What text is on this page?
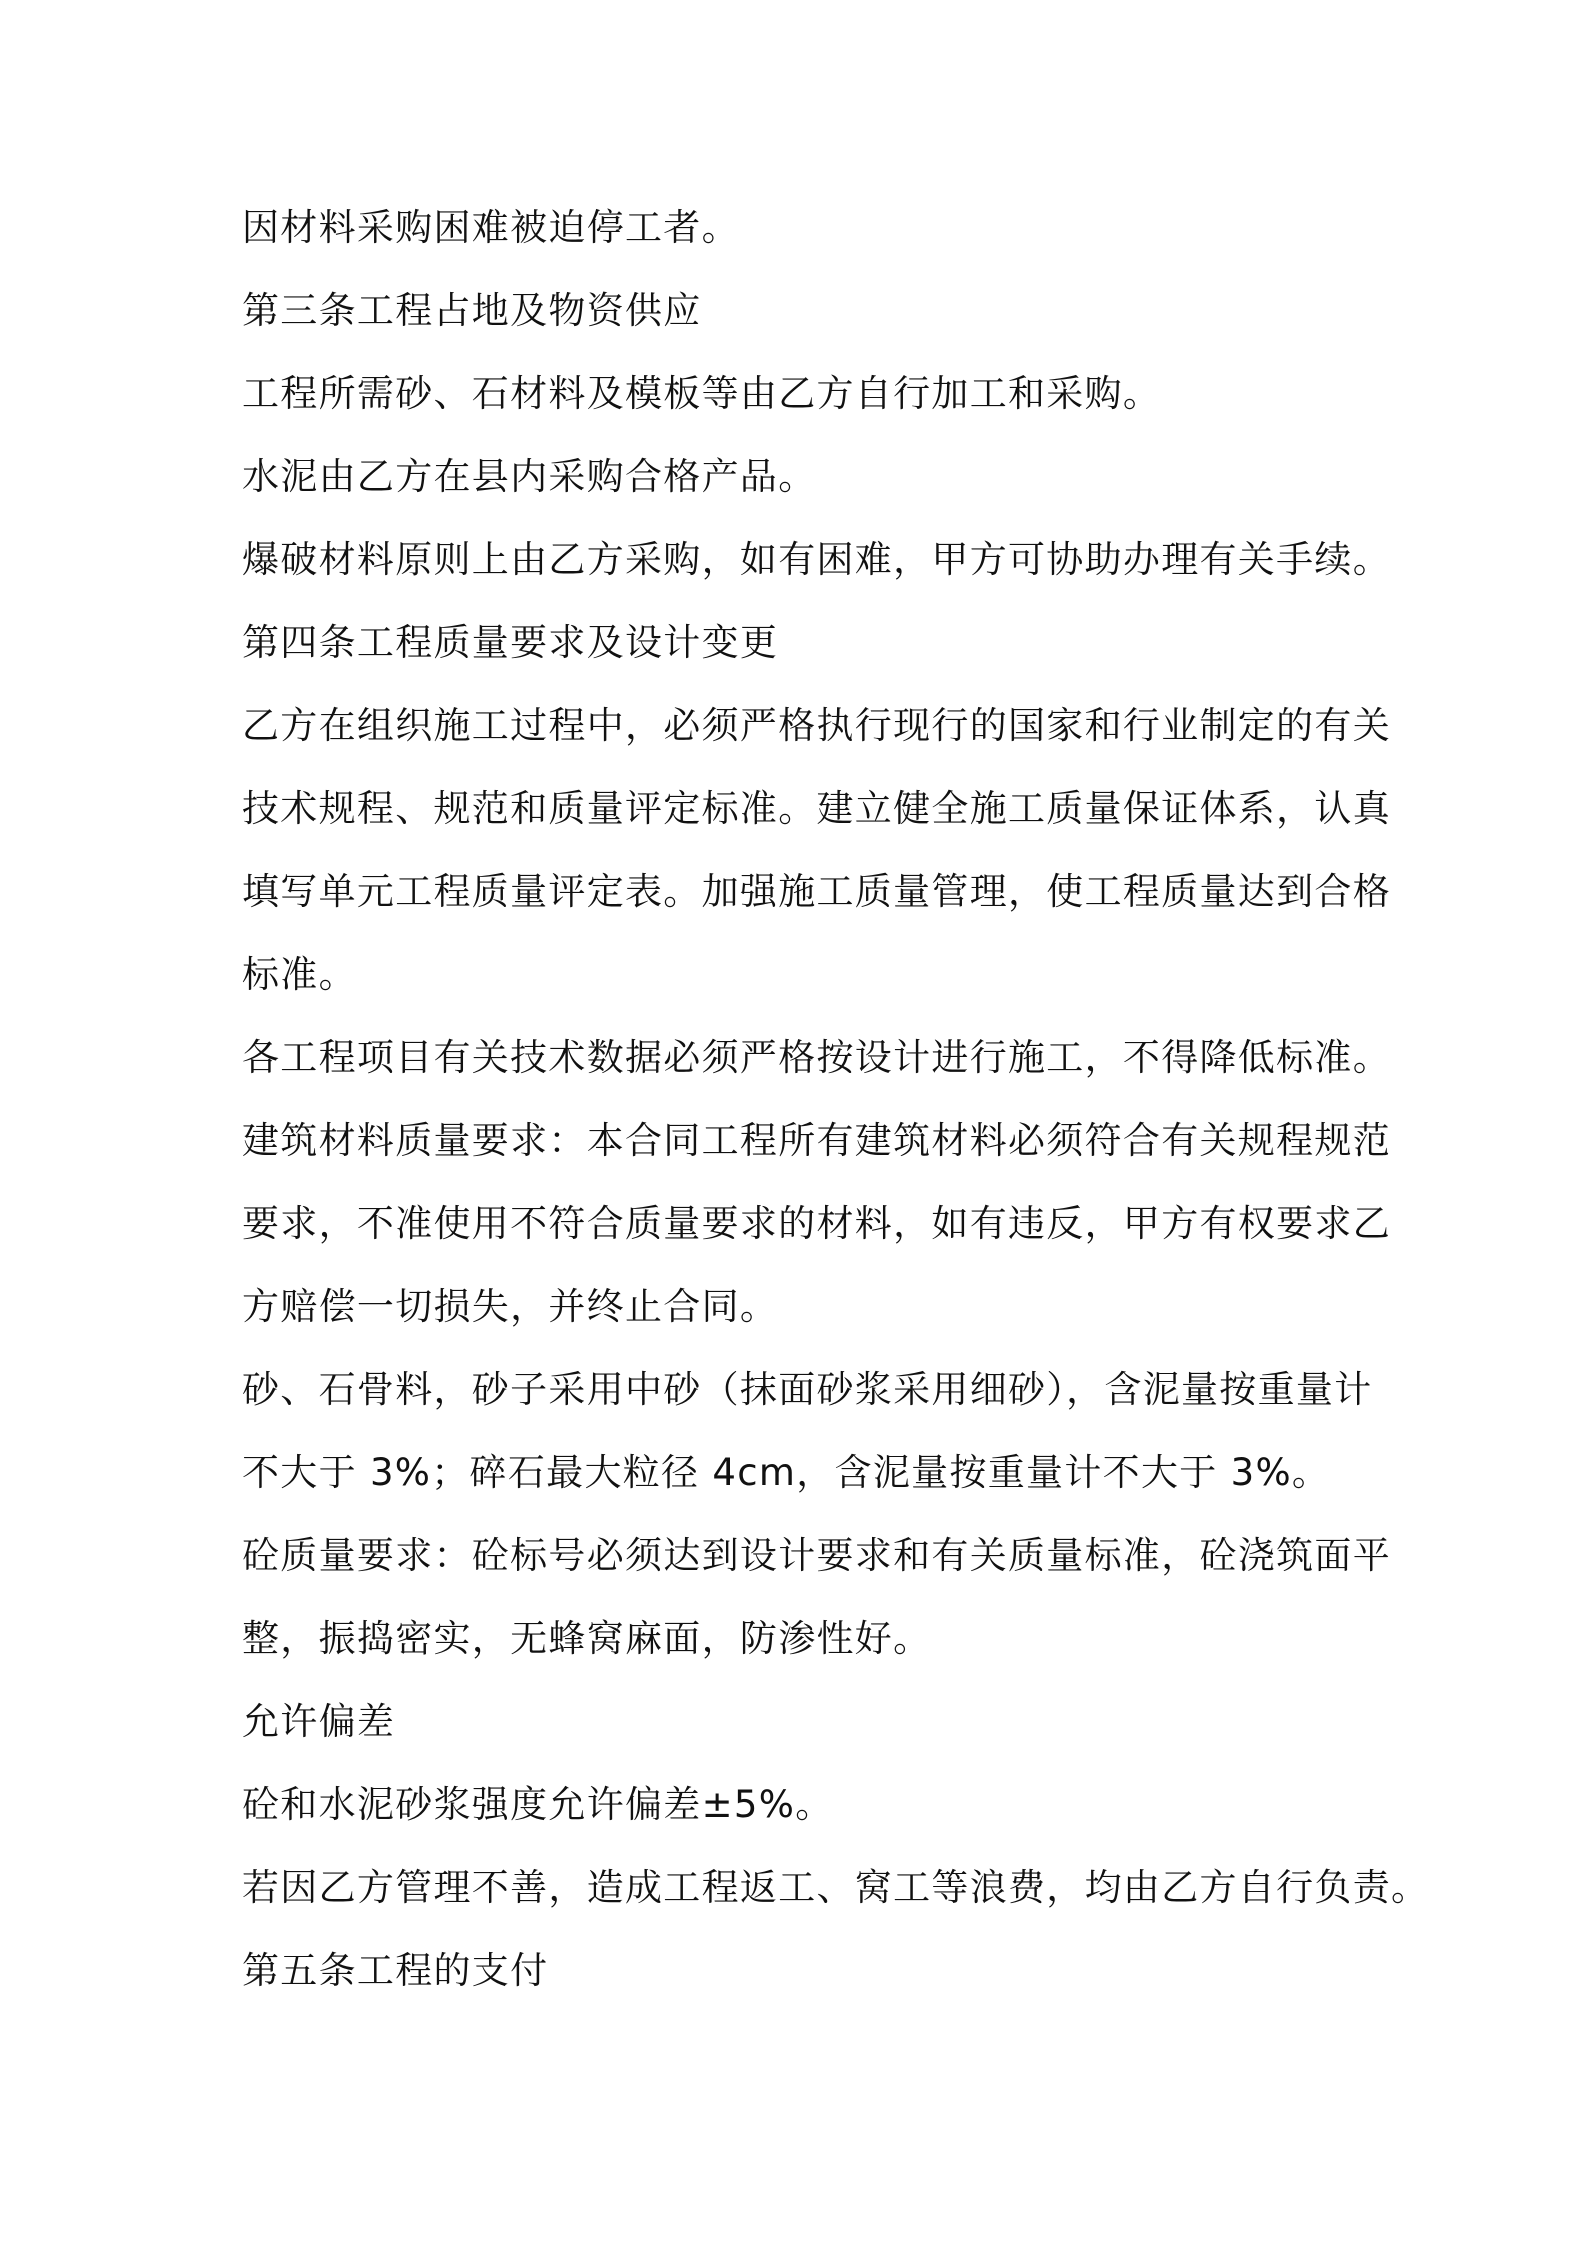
因材料采购困难被迫停工者。

第三条工程占地及物资供应

工程所需砂、石材料及模板等由乙方自行加工和采购。

水泥由乙方在县内采购合格产品。

爆破材料原则上由乙方采购，如有困难，甲方可协助办理有关手续。

第四条工程质量要求及设计变更

乙方在组织施工过程中，必须严格执行现行的国家和行业制定的有关
技术规程、规范和质量评定标准。建立健全施工质量保证体系，认真
填写单元工程质量评定表。加强施工质量管理，使工程质量达到合格
标准。

各工程项目有关技术数据必须严格按设计进行施工，不得降低标准。

建筑材料质量要求：本合同工程所有建筑材料必须符合有关规程规范
要求，不准使用不符合质量要求的材料，如有违反，甲方有权要求乙
方赔偿一切损失，并终止合同。

砂、石骨料，砂子采用中砂（抹面砂浆采用细砂），含泥量按重量计
不大于 3%；碎石最大粒径 4cm，含泥量按重量计不大于 3%。

砼质量要求：砼标号必须达到设计要求和有关质量标准，砼浇筑面平
整，振捣密实，无蜂窝麻面，防渗性好。

允许偏差

砼和水泥砂浆强度允许偏差±5%。

若因乙方管理不善，造成工程返工、窝工等浪费，均由乙方自行负责。

第五条工程的支付
